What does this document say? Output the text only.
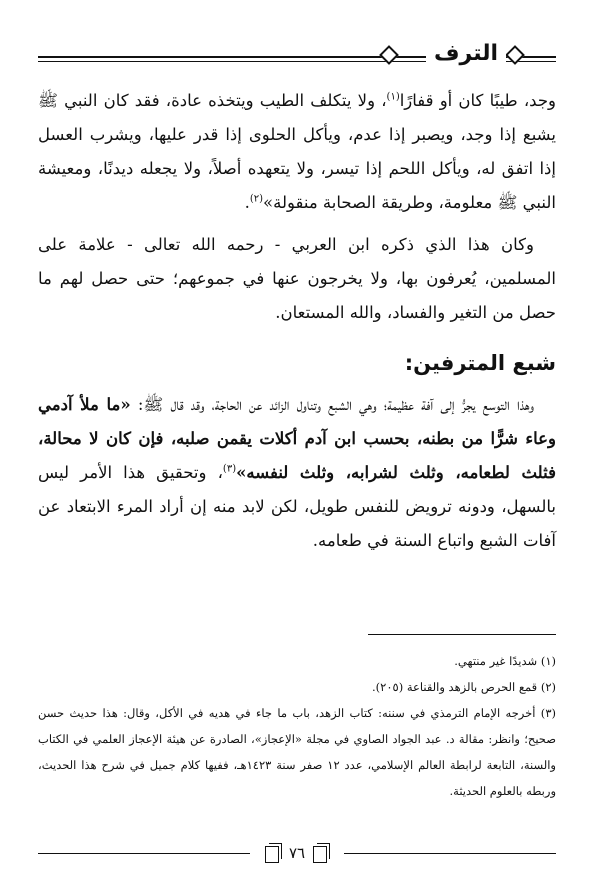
الترف

وجد، طيبًا كان أو قفارًا$^{(١)}$، ولا يتكلف الطيب ويتخذه عادة، فقد كان النبي ﷺ يشبع إذا وجد، ويصبر إذا عدم، ويأكل الحلوى إذا قدر عليها، ويشرب العسل إذا اتفق له، ويأكل اللحم إذا تيسر، ولا يتعهده أصلاً، ولا يجعله ديدنًا، ومعيشة النبي ﷺ معلومة، وطريقة الصحابة منقولة»$^{(٢)}$.

وكان هذا الذي ذكره ابن العربي - رحمه الله تعالى - علامة على المسلمين، يُعرفون بها، ولا يخرجون عنها في جموعهم؛ حتى حصل لهم ما حصل من التغير والفساد، والله المستعان.

شبع المترفين:

وهذا التوسع يجرُّ إلى آفة عظيمة؛ وهي الشبع وتناول الزائد عن الحاجة، وقد قال ﷺ: «ما ملأ آدمي وعاء شرًّا من بطنه، بحسب ابن آدم أكلات يقمن صلبه، فإن كان لا محالة، فثلث لطعامه، وثلث لشرابه، وثلث لنفسه»$^{(٣)}$، وتحقيق هذا الأمر ليس بالسهل، ودونه ترويض للنفس طويل، لكن لابد منه إن أراد المرء الابتعاد عن آفات الشبع واتباع السنة في طعامه.

(١) شديدًا غير منتهي.

(٢) قمع الحرص بالزهد والقناعة (٢٠٥).

(٣) أخرجه الإمام الترمذي في سننه: كتاب الزهد، باب ما جاء في هديه في الأكل، وقال: هذا حديث حسن صحيح؛ وانظر: مقالة د. عبد الجواد الصاوي في مجلة «الإعجاز»، الصادرة عن هيئة الإعجاز العلمي في الكتاب والسنة، التابعة لرابطة العالم الإسلامي، عدد ١٢ صفر سنة ١٤٢٣هـ، ففيها كلام جميل في شرح هذا الحديث، وربطه بالعلوم الحديثة.

٧٦
